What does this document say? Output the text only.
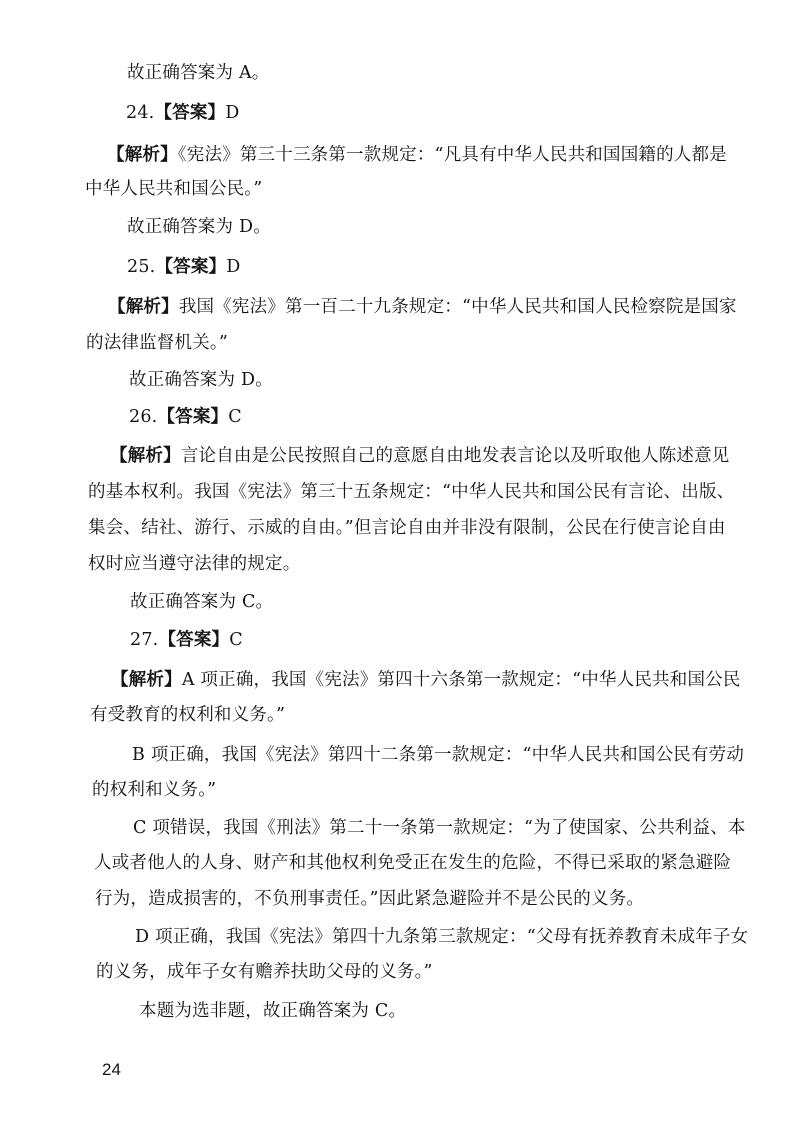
故正确答案为 A。
24.【答案】D
【解析】《宪法》第三十三条第一款规定：“凡具有中华人民共和国国籍的人都是
中华人民共和国公民。”
故正确答案为 D。
25.【答案】D
【解析】我国《宪法》第一百二十九条规定：“中华人民共和国人民检察院是国家
的法律监督机关。”
故正确答案为 D。
26.【答案】C
【解析】言论自由是公民按照自己的意愿自由地发表言论以及听取他人陈述意见
的基本权利。我国《宪法》第三十五条规定：“中华人民共和国公民有言论、出版、
集会、结社、游行、示威的自由。”但言论自由并非没有限制，公民在行使言论自由
权时应当遵守法律的规定。
故正确答案为 C。
27.【答案】C
【解析】A 项正确，我国《宪法》第四十六条第一款规定：“中华人民共和国公民
有受教育的权利和义务。”
B 项正确，我国《宪法》第四十二条第一款规定：“中华人民共和国公民有劳动
的权利和义务。”
C 项错误，我国《刑法》第二十一条第一款规定：“为了使国家、公共利益、本
人或者他人的人身、财产和其他权利免受正在发生的危险，不得已采取的紧急避险
行为，造成损害的，不负刑事责任。”因此紧急避险并不是公民的义务。
D 项正确，我国《宪法》第四十九条第三款规定：“父母有抚养教育未成年子女
的义务，成年子女有赡养扶助父母的义务。”
本题为选非题，故正确答案为 C。
24
